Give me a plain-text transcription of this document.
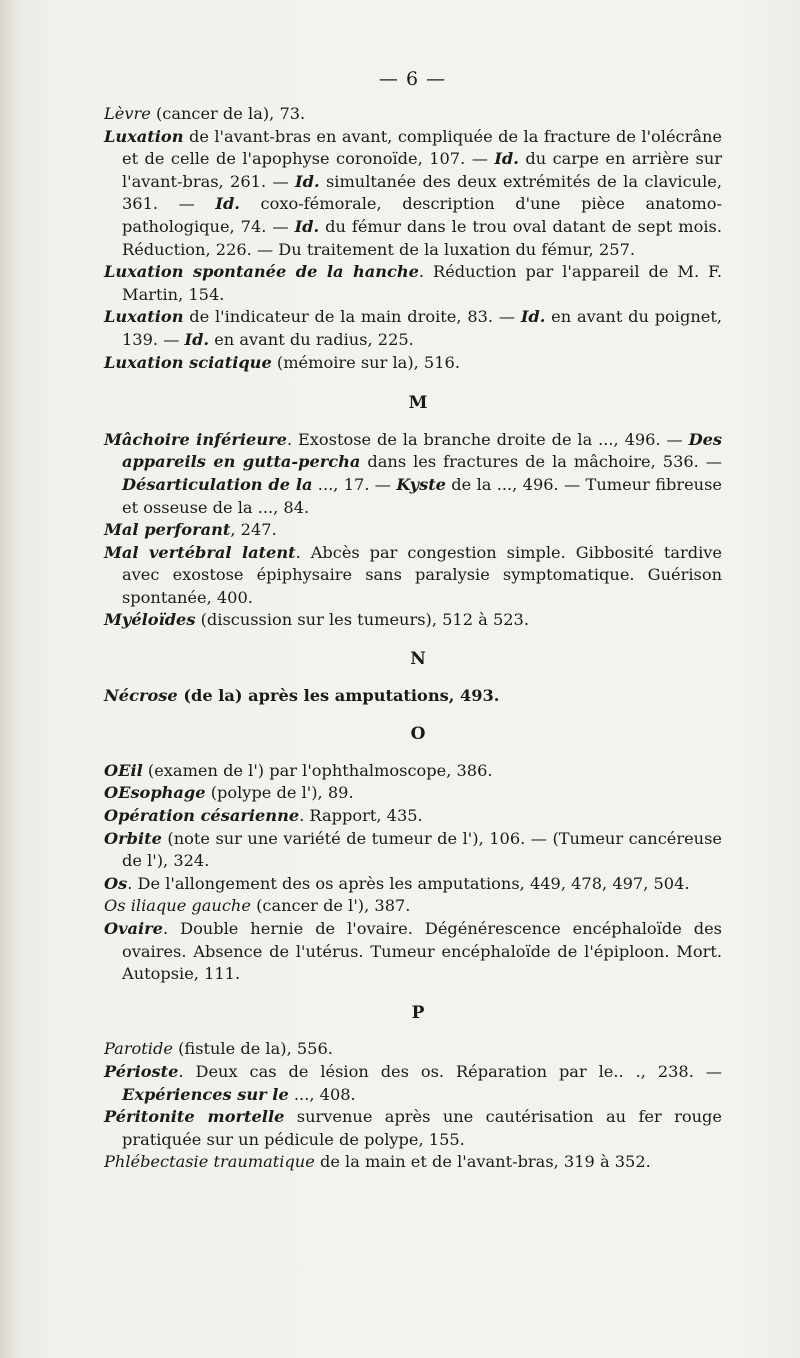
— 6 —

Lèvre (cancer de la), 73.

Luxation de l'avant-bras en avant, compliquée de la fracture de l'olécrâne et de celle de l'apophyse coronoïde, 107. — Id. du carpe en arrière sur l'avant-bras, 261. — Id. simultanée des deux extrémités de la clavicule, 361. — Id. coxo-fémorale, description d'une pièce anatomo-pathologique, 74. — Id. du fémur dans le trou oval datant de sept mois. Réduction, 226. — Du traitement de la luxation du fémur, 257.

Luxation spontanée de la hanche. Réduction par l'appareil de M. F. Martin, 154.

Luxation de l'indicateur de la main droite, 83. — Id. en avant du poignet, 139. — Id. en avant du radius, 225.

Luxation sciatique (mémoire sur la), 516.

M

Mâchoire inférieure. Exostose de la branche droite de la ..., 496. — Des appareils en gutta-percha dans les fractures de la mâchoire, 536. — Désarticulation de la ..., 17. — Kyste de la ..., 496. — Tumeur fibreuse et osseuse de la ..., 84.

Mal perforant, 247.

Mal vertébral latent. Abcès par congestion simple. Gibbosité tardive avec exostose épiphysaire sans paralysie symptomatique. Guérison spontanée, 400.

Myéloïdes (discussion sur les tumeurs), 512 à 523.

N

Nécrose (de la) après les amputations, 493.

O

OEil (examen de l') par l'ophthalmoscope, 386.

OEsophage (polype de l'), 89.

Opération césarienne. Rapport, 435.

Orbite (note sur une variété de tumeur de l'), 106. — (Tumeur cancéreuse de l'), 324.

Os. De l'allongement des os après les amputations, 449, 478, 497, 504.

Os iliaque gauche (cancer de l'), 387.

Ovaire. Double hernie de l'ovaire. Dégénérescence encéphaloïde des ovaires. Absence de l'utérus. Tumeur encéphaloïde de l'épiploon. Mort. Autopsie, 111.

P

Parotide (fistule de la), 556.

Périoste. Deux cas de lésion des os. Réparation par le.. ., 238. — Expériences sur le ..., 408.

Péritonite mortelle survenue après une cautérisation au fer rouge pratiquée sur un pédicule de polype, 155.

Phlébectasie traumatique de la main et de l'avant-bras, 319 à 352.
